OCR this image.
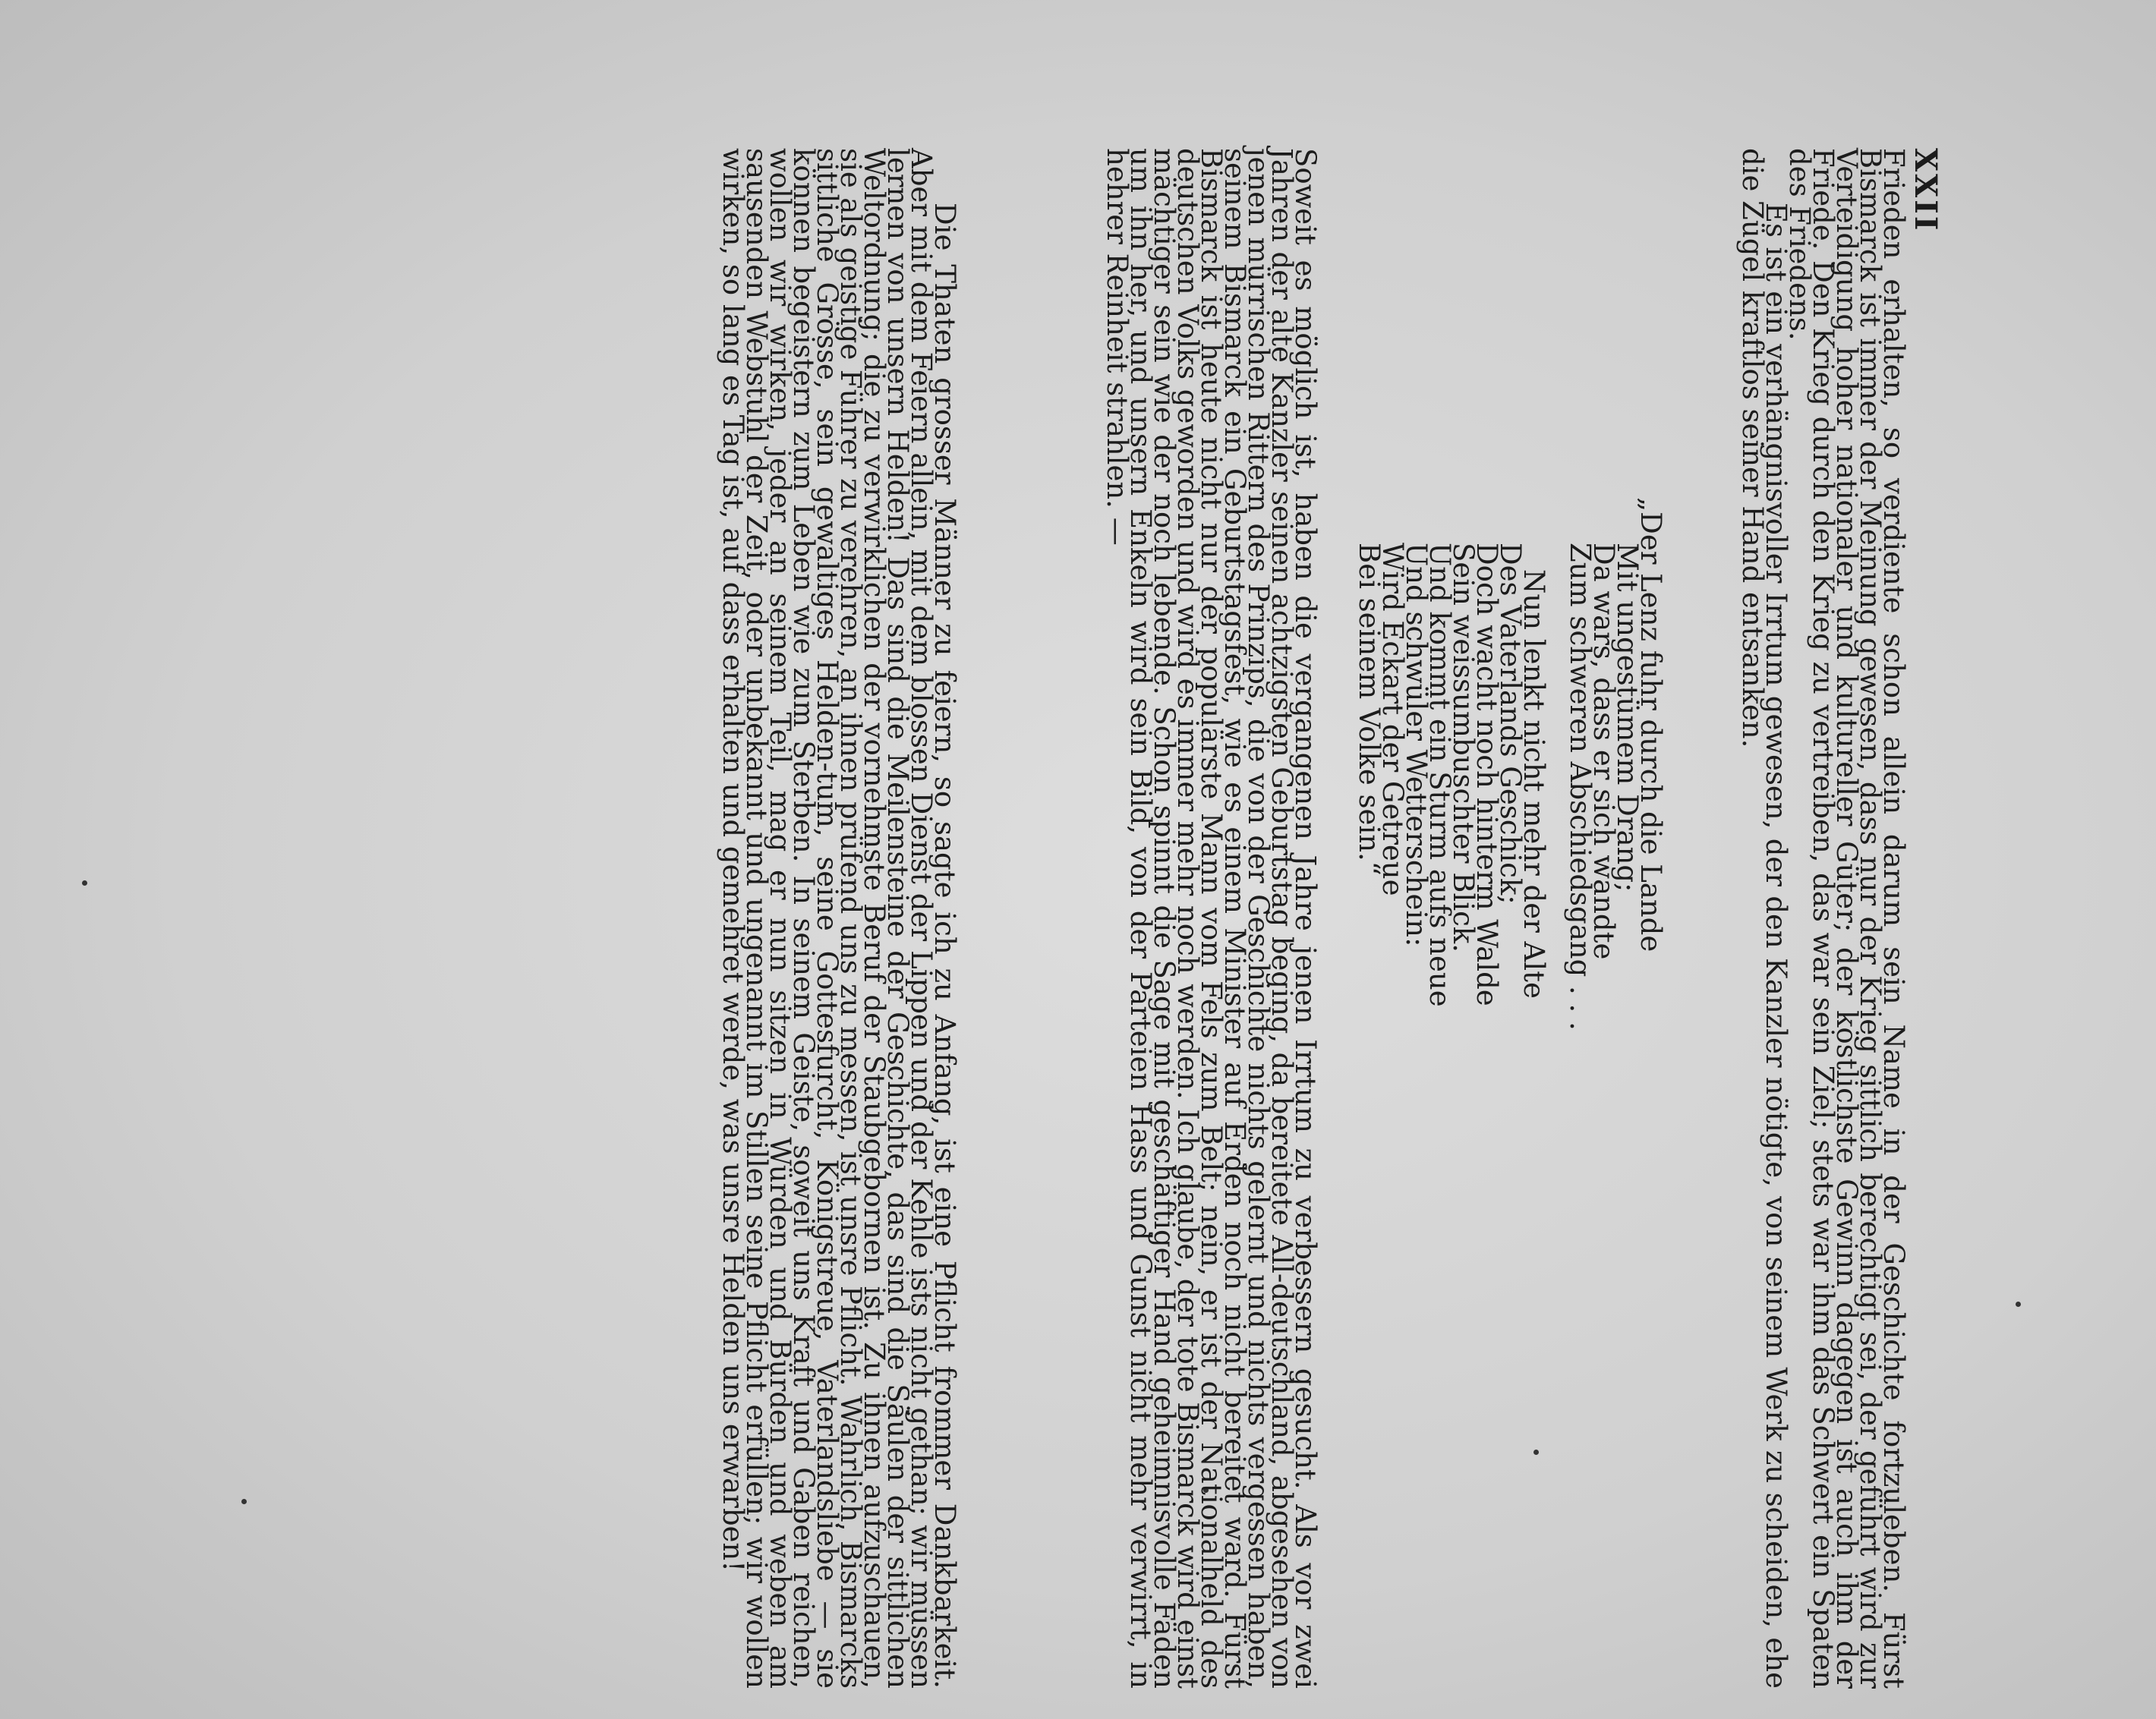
XXII

Frieden erhalten, so verdiente schon allein darum sein Name in der Geschichte fortzuleben. Fürst Bismarck ist immer der Meinung gewesen, dass nur der Krieg sittlich berechtigt sei, der geführt wird zur Verteidigung hoher nationaler und kultureller Güter; der köstlichste Gewinn dagegen ist auch ihm der Friede. Den Krieg durch den Krieg zu vertreiben, das war sein Ziel; stets war ihm das Schwert ein Spaten des Friedens.

Es ist ein verhängnisvoller Irrtum gewesen, der den Kanzler nötigte, von seinem Werk zu scheiden, ehe die Zügel kraftlos seiner Hand entsanken.

„Der Lenz fuhr durch die Lande
Mit ungestümem Drang;
Da wars, dass er sich wandte
Zum schweren Abschiedsgang . . .
Nun lenkt nicht mehr der Alte
Des Vaterlands Geschick;
Doch wacht noch hinterm Walde
Sein weissumbuschter Blick.
Und kommt ein Sturm aufs neue
Und schwüler Wetterschein:
Wird Eckart der Getreue
Bei seinem Volke sein.“

Soweit es möglich ist, haben die vergangenen Jahre jenen Irrtum zu verbessern gesucht. Als vor zwei Jahren der alte Kanzler seinen achtzigsten Geburtstag beging, da bereitete All-deutschland, abgesehen von jenen mürrischen Rittern des Prinzips, die von der Geschichte nichts gelernt und nichts vergessen haben, seinem Bismarck ein Geburtstagsfest, wie es einem Minister auf Erden noch nicht bereitet ward. Fürst Bismarck ist heute nicht nur der populärste Mann vom Fels zum Belt; nein, er ist der Nationalheld des deutschen Volks geworden und wird es immer mehr noch werden. Ich glaube, der tote Bismarck wird einst mächtiger sein wie der noch lebende. Schon spinnt die Sage mit geschäftiger Hand geheimnisvolle Fäden um ihn her, und unsern Enkeln wird sein Bild, von der Parteien Hass und Gunst nicht mehr verwirrt, in hehrer Reinheit strahlen. —

Die Thaten grosser Männer zu feiern, so sagte ich zu Anfang, ist eine Pflicht frommer Dankbarkeit. Aber mit dem Feiern allein, mit dem blossen Dienst der Lippen und der Kehle ists nicht gethan; wir müssen lernen von unsern Helden! Das sind die Meilensteine der Geschichte, das sind die Säulen der sittlichen Weltordnung; die zu verwirklichen der vornehmste Beruf der Staubgebornen ist. Zu ihnen aufzuschauen, sie als geistige Führer zu verehren, an ihnen prüfend uns zu messen, ist unsre Pflicht. Wahrlich, Bismarcks sittliche Grösse, sein gewaltiges Helden-tum, seine Gottesfurcht, Königstreue, Vaterlandsliebe — sie können begeistern zum Leben wie zum Sterben. In seinem Geiste, soweit uns Kraft und Gaben reichen, wollen wir wirken, jeder an seinem Teil, mag er nun sitzen in Würden und Bürden und weben am sausenden Webstuhl der Zeit, oder unbekannt und ungenannt im Stillen seine Pflicht erfüllen; wir wollen wirken, so lang es Tag ist, auf dass erhalten und gemehret werde, was unsre Helden uns erwarben!
